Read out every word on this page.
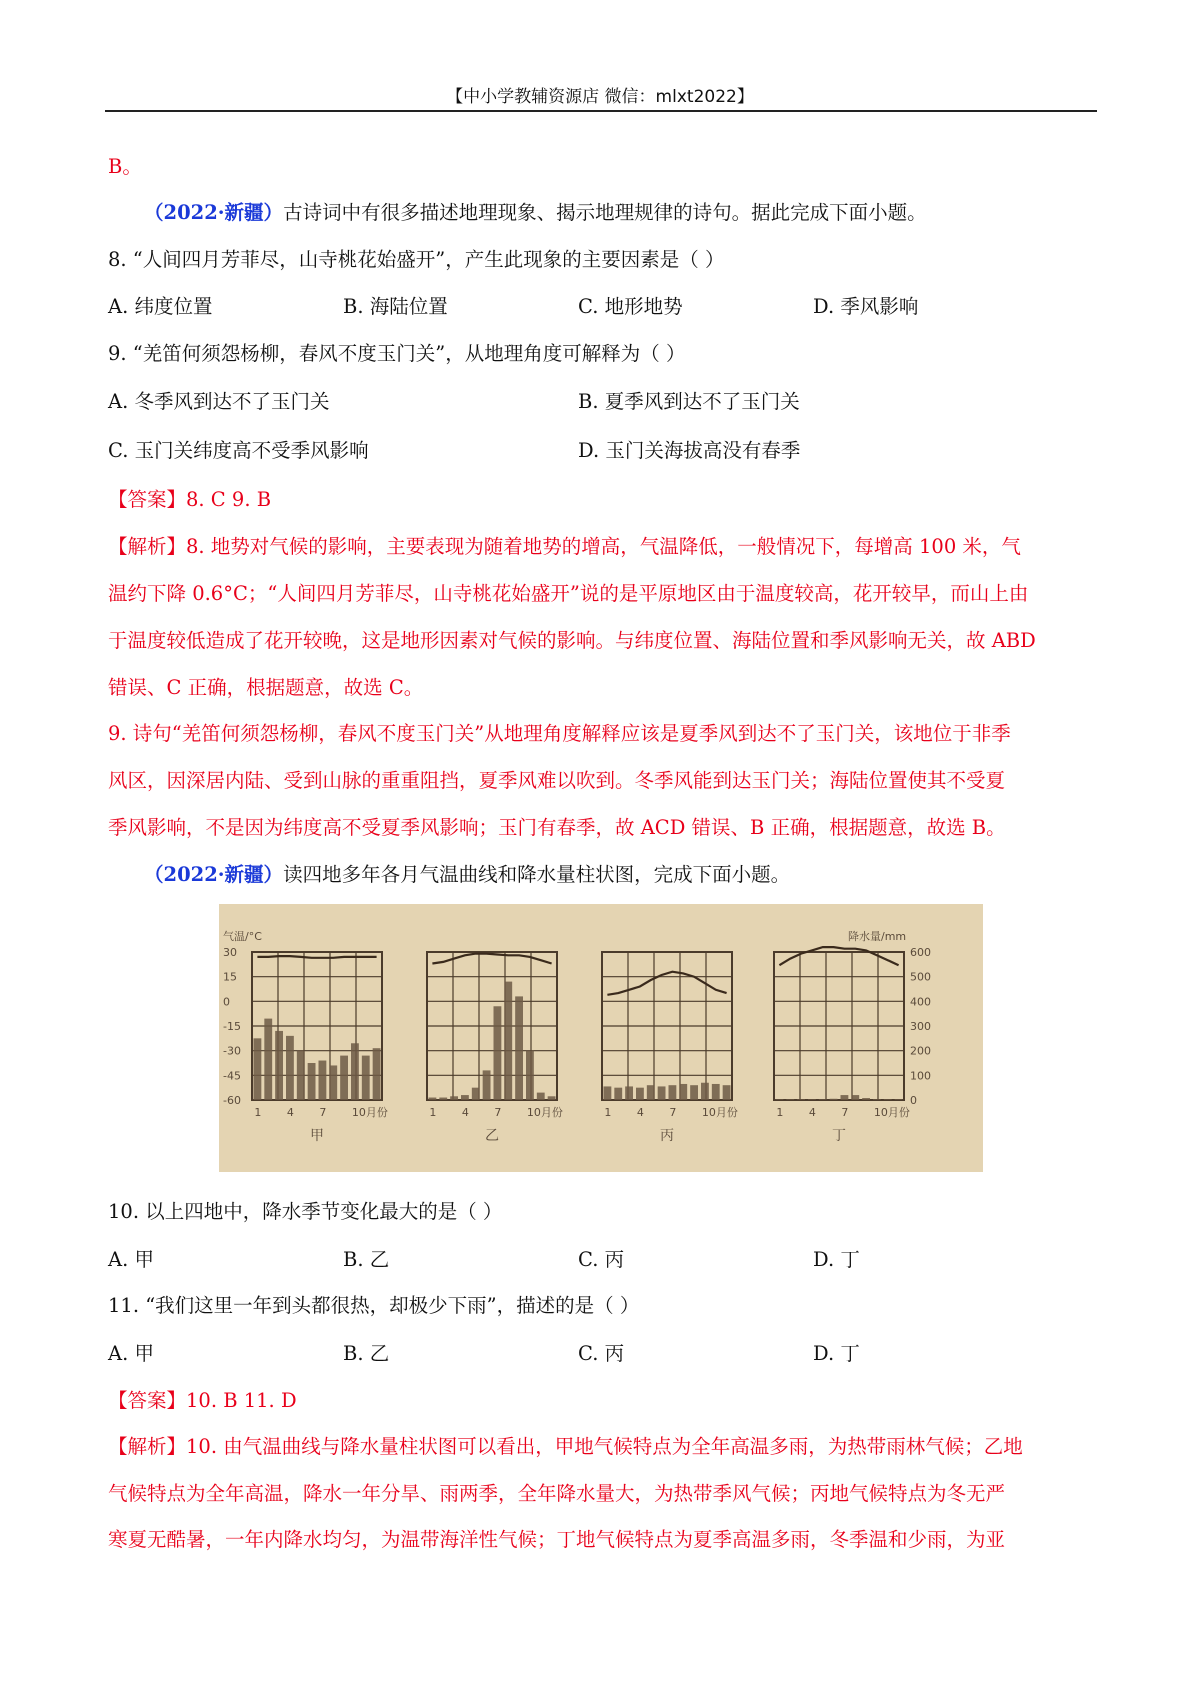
【中小学教辅资源店 微信：mlxt2022】
B。
（2022·新疆）古诗词中有很多描述地理现象、揭示地理规律的诗句。据此完成下面小题。
8. “人间四月芳菲尽，山寺桃花始盛开”，产生此现象的主要因素是（ ）
A. 纬度位置	B. 海陆位置	C. 地形地势	D. 季风影响
9. “羌笛何须怨杨柳，春风不度玉门关”，从地理角度可解释为（ ）
A. 冬季风到达不了玉门关	B. 夏季风到达不了玉门关
C. 玉门关纬度高不受季风影响	D. 玉门关海拔高没有春季
【答案】8. C 9. B
【解析】8. 地势对气候的影响，主要表现为随着地势的增高，气温降低，一般情况下，每增高 100 米，气
温约下降 0.6°C；“人间四月芳菲尽，山寺桃花始盛开”说的是平原地区由于温度较高，花开较早，而山上由
于温度较低造成了花开较晚，这是地形因素对气候的影响。与纬度位置、海陆位置和季风影响无关，故 ABD
错误、C 正确，根据题意，故选 C。
9. 诗句“羌笛何须怨杨柳，春风不度玉门关”从地理角度解释应该是夏季风到达不了玉门关，该地位于非季
风区，因深居内陆、受到山脉的重重阻挡，夏季风难以吹到。冬季风能到达玉门关；海陆位置使其不受夏
季风影响，不是因为纬度高不受夏季风影响；玉门有春季，故 ACD 错误、B 正确，根据题意，故选 B。
（2022·新疆）读四地多年各月气温曲线和降水量柱状图，完成下面小题。
1 4 7 10月份
甲
1 4 7 10月份
乙
1 4 7 10月份
丙
1 4 7 10月份
丁
30
15
0
-15
-30
-45
-60
气温/°C
600
500
400
300
200
100
0
降水量/mm
10. 以上四地中，降水季节变化最大的是（ ）
A. 甲	B. 乙	C. 丙	D. 丁
11. “我们这里一年到头都很热，却极少下雨”，描述的是（ ）
A. 甲	B. 乙	C. 丙	D. 丁
【答案】10. B 11. D
【解析】10. 由气温曲线与降水量柱状图可以看出，甲地气候特点为全年高温多雨，为热带雨林气候；乙地
气候特点为全年高温，降水一年分旱、雨两季，全年降水量大，为热带季风气候；丙地气候特点为冬无严
寒夏无酷暑，一年内降水均匀，为温带海洋性气候；丁地气候特点为夏季高温多雨，冬季温和少雨，为亚
